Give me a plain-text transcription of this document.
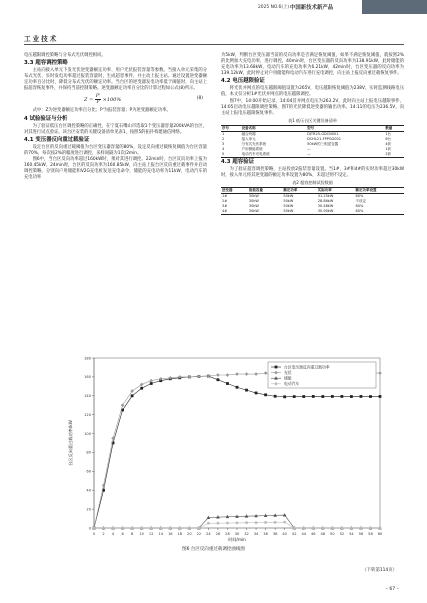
工业技术
2025 NO.6(上) 中国新技术新产品

电压越限调控策略与分布式光伏调控相同。

3.3 超容调控策略

主站向接入单元下发光伏逆变器额定功率、用户光伏报装容量等参数。当接入单元采集的分布式光伏、实时发电功率超过报装容量时，生成超容事件，并主动上报主站。通过设置逆变器额定功率百分比时，降低分布式光伏的额定功率。当台区的逆变器发电功率低于阈值时，向主站上报超容恢复事件，并保持当前控制策略。逆变器额定功率百分比的计算过程如公式(8)所示。

$Z = \frac{P'}{P} \times 100\%$	(8)

式中：Z为逆变器额定功率百分比；P'为报装容量；P为逆变器额定功率。

4 试验验证与分析

为了验证低压台区调控策略的正确性，在宁夏石嘴山市选取1个变压器容量200kVA的台区，对其进行试点验证。该台区安装的关键设备清单见表1，按照5的拓扑构建通信网络。

4.1 变压器反向重过载验证

设定台区的反向重过载阈值为台区变压器容量的80%，设定反向重过载恢复阈值为台区容量的70%，每次按2%的幅度进行调控，采样间隔为1次/2min。

图6中，当台区反向功率超过160kW时，须对其进行调控。22min时，台区反向功率上报为160.45kW，24min时，台区的反向功率为160.85kW，向主站上报台区反向重过载事件并启动调控策略。分别向户用储能和V2G充电桩发送充电命令，储能的充电功率为11kW，电动汽车的充电功率

为5kW，判断台区变压器当前的反向功率是否满足恢复阈值，如果不满足恢复阈值，就按照2%的比例加大充电功率，进行调控。40min时，台区变压器的反向功率为138.91kW，此时储能的充电功率为13.68kW，电动汽车的充电功率为6.21kW，42min时，台区变压器的反向功率为139.12kW，此时停止对户用储能和电动汽车进行充电调控，向主站上报反向重过载恢复事件。

4.2 电压越限验证

将光伏并网点的电压越限阈值设置为265V，电压越限恢复阈值为238V，实时监测线路电压值，本文仅分析1#光伏并网点的电压越限调控。

图7中，14:00开始记录，14:04首并网点电压为263.2V，此时向主站上报电压越限事件，14:05启动电压越限调控策略，图7的光伏降低逆变器的输出功率。14:11的电压为236.5V，向主站上报电压越限恢复事件。

表1 低压台区关键设备清单
序号	设备名称	型号	数量
1	融合终端	DJTR25-GDCN001	1台
2	接入单元	DCHL21-FPPGG001	6台
3	分布式光伏系统	50kW的三相逆变器	4套
4	户用储能系统	—	1套
5	电动汽车充电系统	—	2套
4.3 超容验证

为了验证超容调控策略，主站投放2报装容量设置。当1#、3#和4#的实时功率超过30kW时，接入单元将其逆变器的额定功率设置为80%，未超过则不设定。

表2 超容控制试验数据
逆变器	报装容量	额定功率	实际功率	额定功率设置
1#	30kW	50kW	31.25kW	60%
2#	30kW	50kW	28.86kW	不设定
3#	30kW	50kW	30.48kW	60%
4#	30kW	50kW	30.90kW	60%
0 2 4 6 8 10 12 14 16 18 20 22 24 26 28 30 32 34 36 38 40 42 44 46 48 50 52 54 56 58 60
0
20
40
60
80
100
120
140
160
180
时间/min
台区反向重过载功率/kW
台区变压器反向重过载功率
光伏
储能
电动汽车
图6 台区反向重过载调控曲线图
（下转第114页）
– 67 –
